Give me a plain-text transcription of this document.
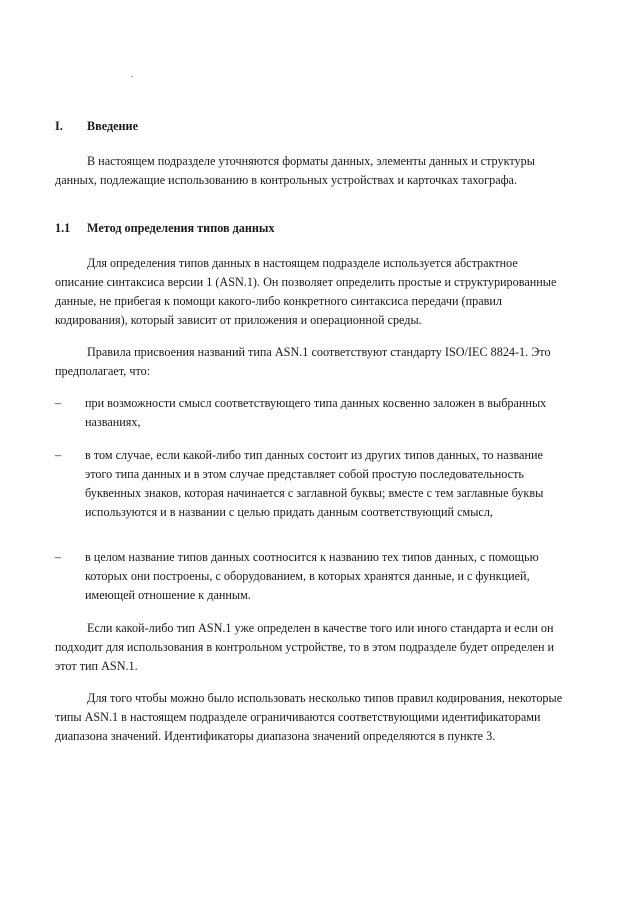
I. Введение

В настоящем подразделе уточняются форматы данных, элементы данных и структуры данных, подлежащие использованию в контрольных устройствах и карточках тахографа.

1.1 Метод определения типов данных

Для определения типов данных в настоящем подразделе используется абстрактное описание синтаксиса версии 1 (ASN.1). Он позволяет определить простые и структурированные данные, не прибегая к помощи какого-либо конкретного синтаксиса передачи (правил кодирования), который зависит от приложения и операционной среды.

Правила присвоения названий типа ASN.1 соответствуют стандарту ISO/IEC 8824-1. Это предполагает, что:

– при возможности смысл соответствующего типа данных косвенно заложен в выбранных названиях,
– в том случае, если какой-либо тип данных состоит из других типов данных, то название этого типа данных и в этом случае представляет собой простую последовательность буквенных знаков, которая начинается с заглавной буквы; вместе с тем заглавные буквы используются и в названии с целью придать данным соответствующий смысл,
– в целом название типов данных соотносится к названию тех типов данных, с помощью которых они построены, с оборудованием, в которых хранятся данные, и с функцией, имеющей отношение к данным.

Если какой-либо тип ASN.1 уже определен в качестве того или иного стандарта и если он подходит для использования в контрольном устройстве, то в этом подразделе будет определен и этот тип ASN.1.

Для того чтобы можно было использовать несколько типов правил кодирования, некоторые типы ASN.1 в настоящем подразделе ограничиваются соответствующими идентификаторами диапазона значений. Идентификаторы диапазона значений определяются в пункте 3.
